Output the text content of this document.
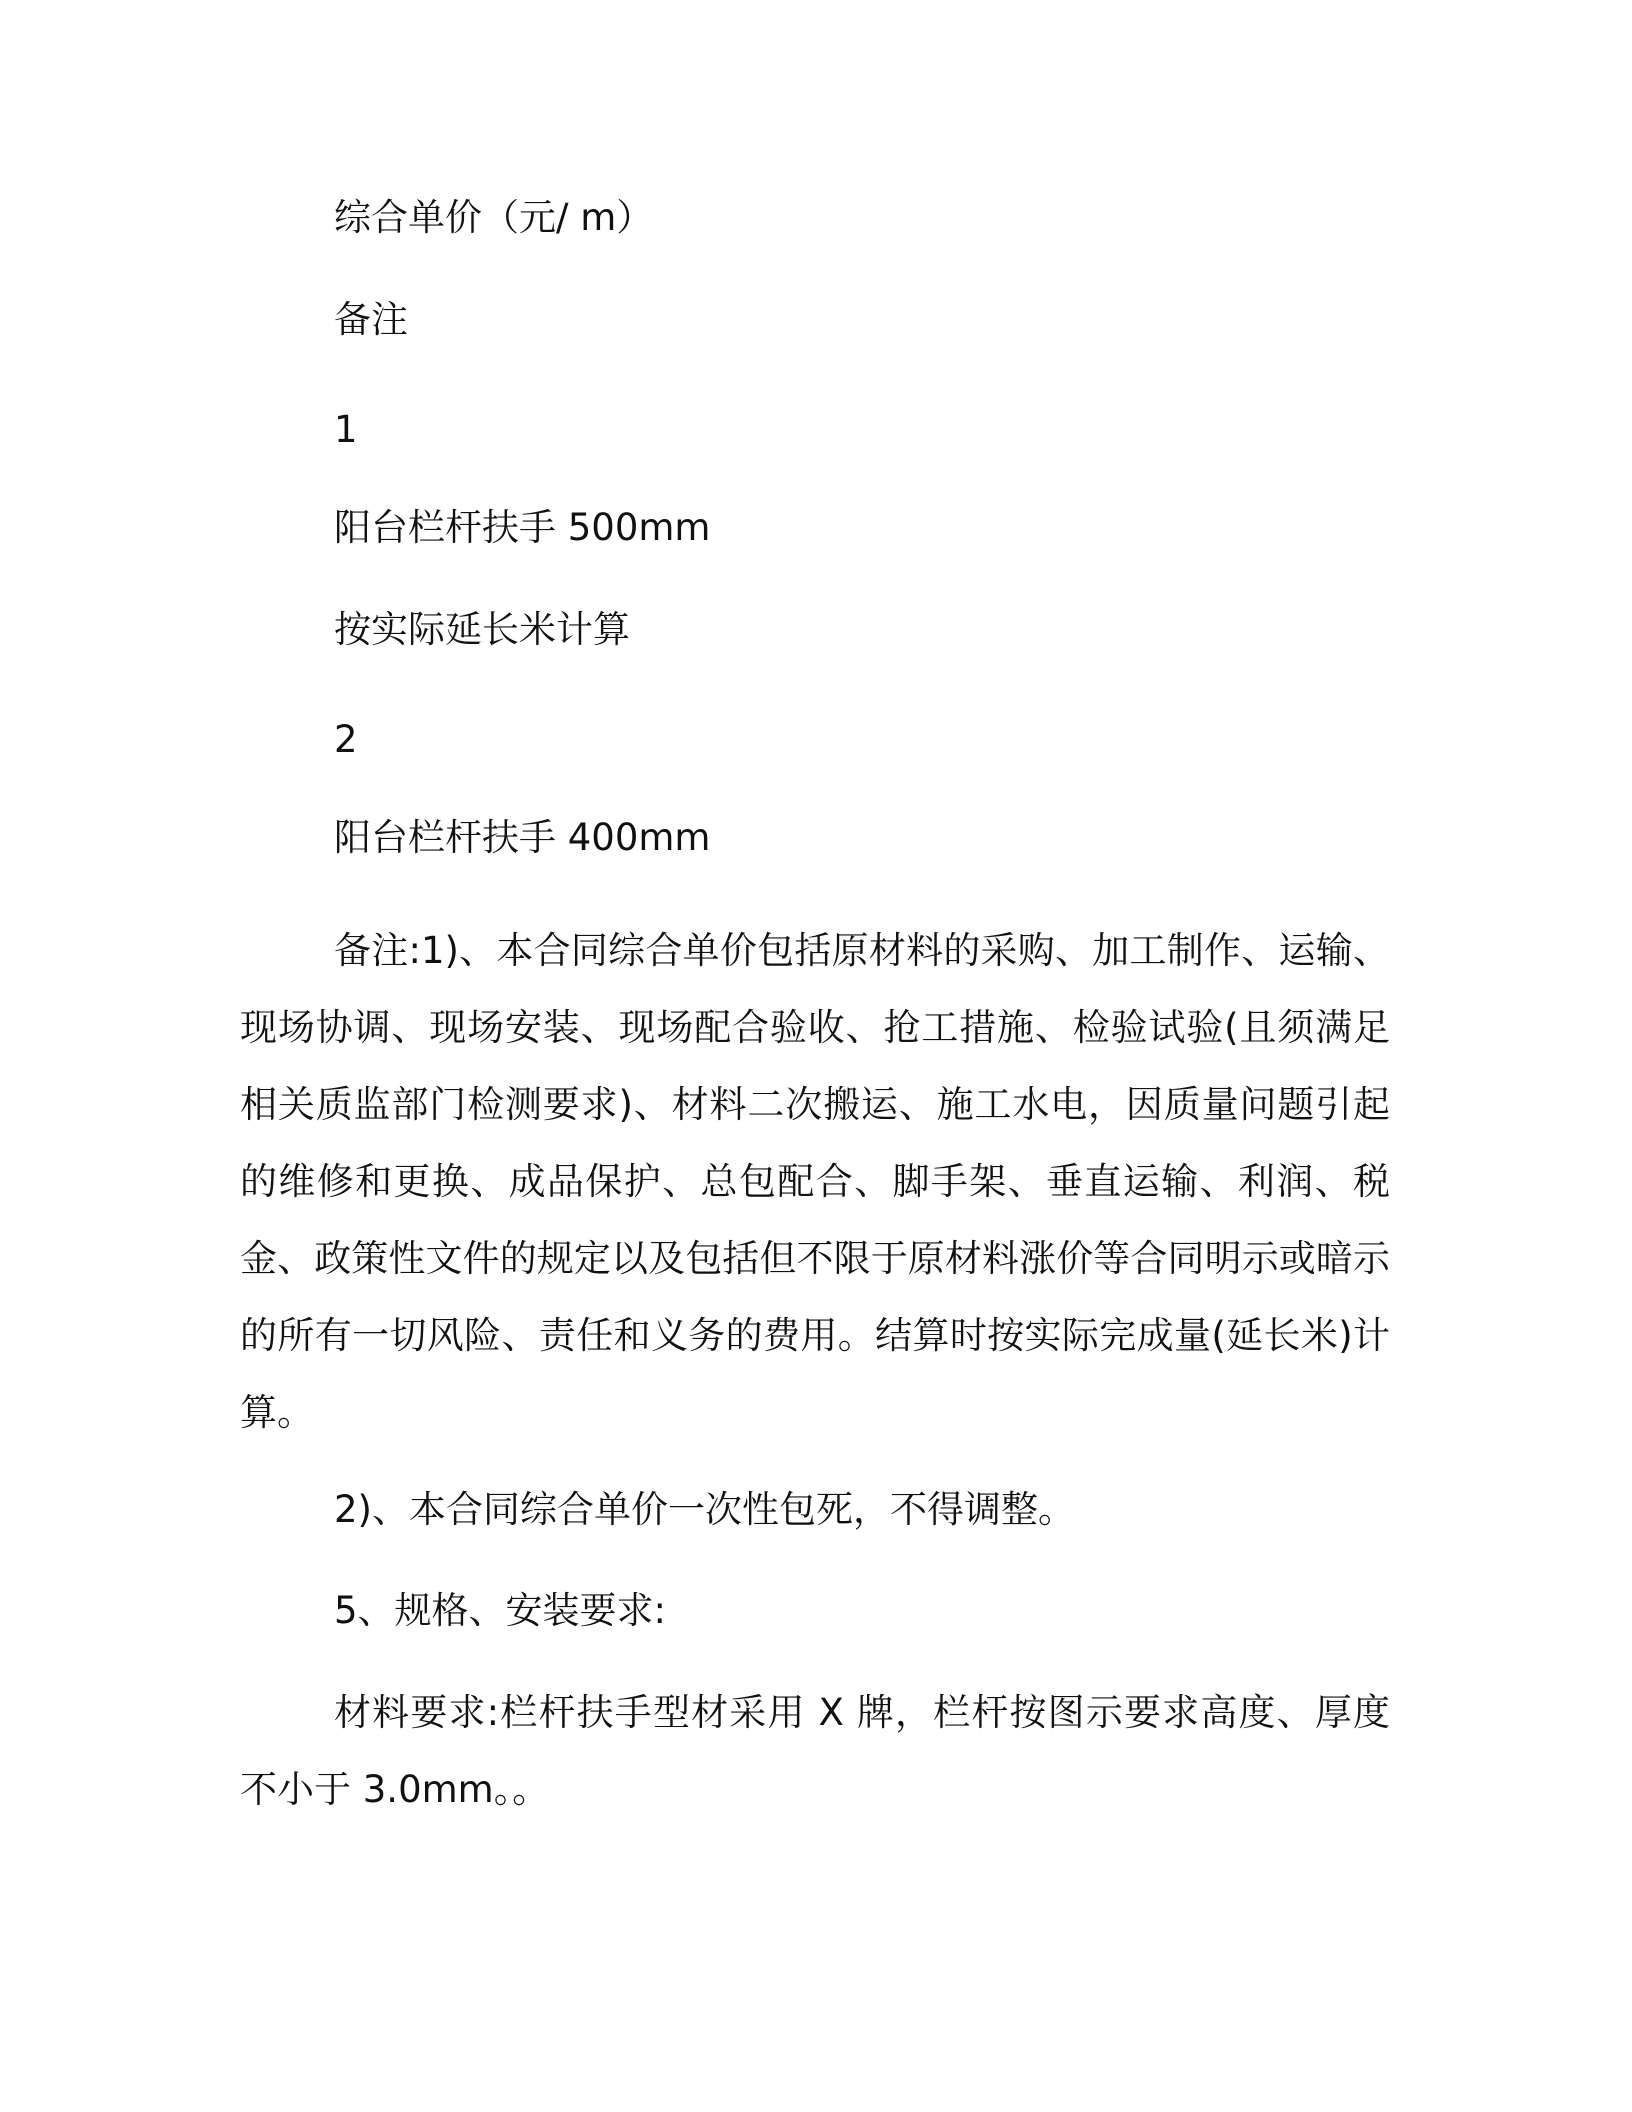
综合单价（元/ m）
备注
1
阳台栏杆扶手 500mm
按实际延长米计算
2
阳台栏杆扶手 400mm
备注:1)、本合同综合单价包括原材料的采购、加工制作、运输、现场协调、现场安装、现场配合验收、抢工措施、检验试验(且须满足相关质监部门检测要求)、材料二次搬运、施工水电，因质量问题引起的维修和更换、成品保护、总包配合、脚手架、垂直运输、利润、税金、政策性文件的规定以及包括但不限于原材料涨价等合同明示或暗示的所有一切风险、责任和义务的费用。结算时按实际完成量(延长米)计算。
2)、本合同综合单价一次性包死，不得调整。
5、规格、安装要求:
材料要求:栏杆扶手型材采用 X 牌，栏杆按图示要求高度、厚度不小于 3.0mm。。
